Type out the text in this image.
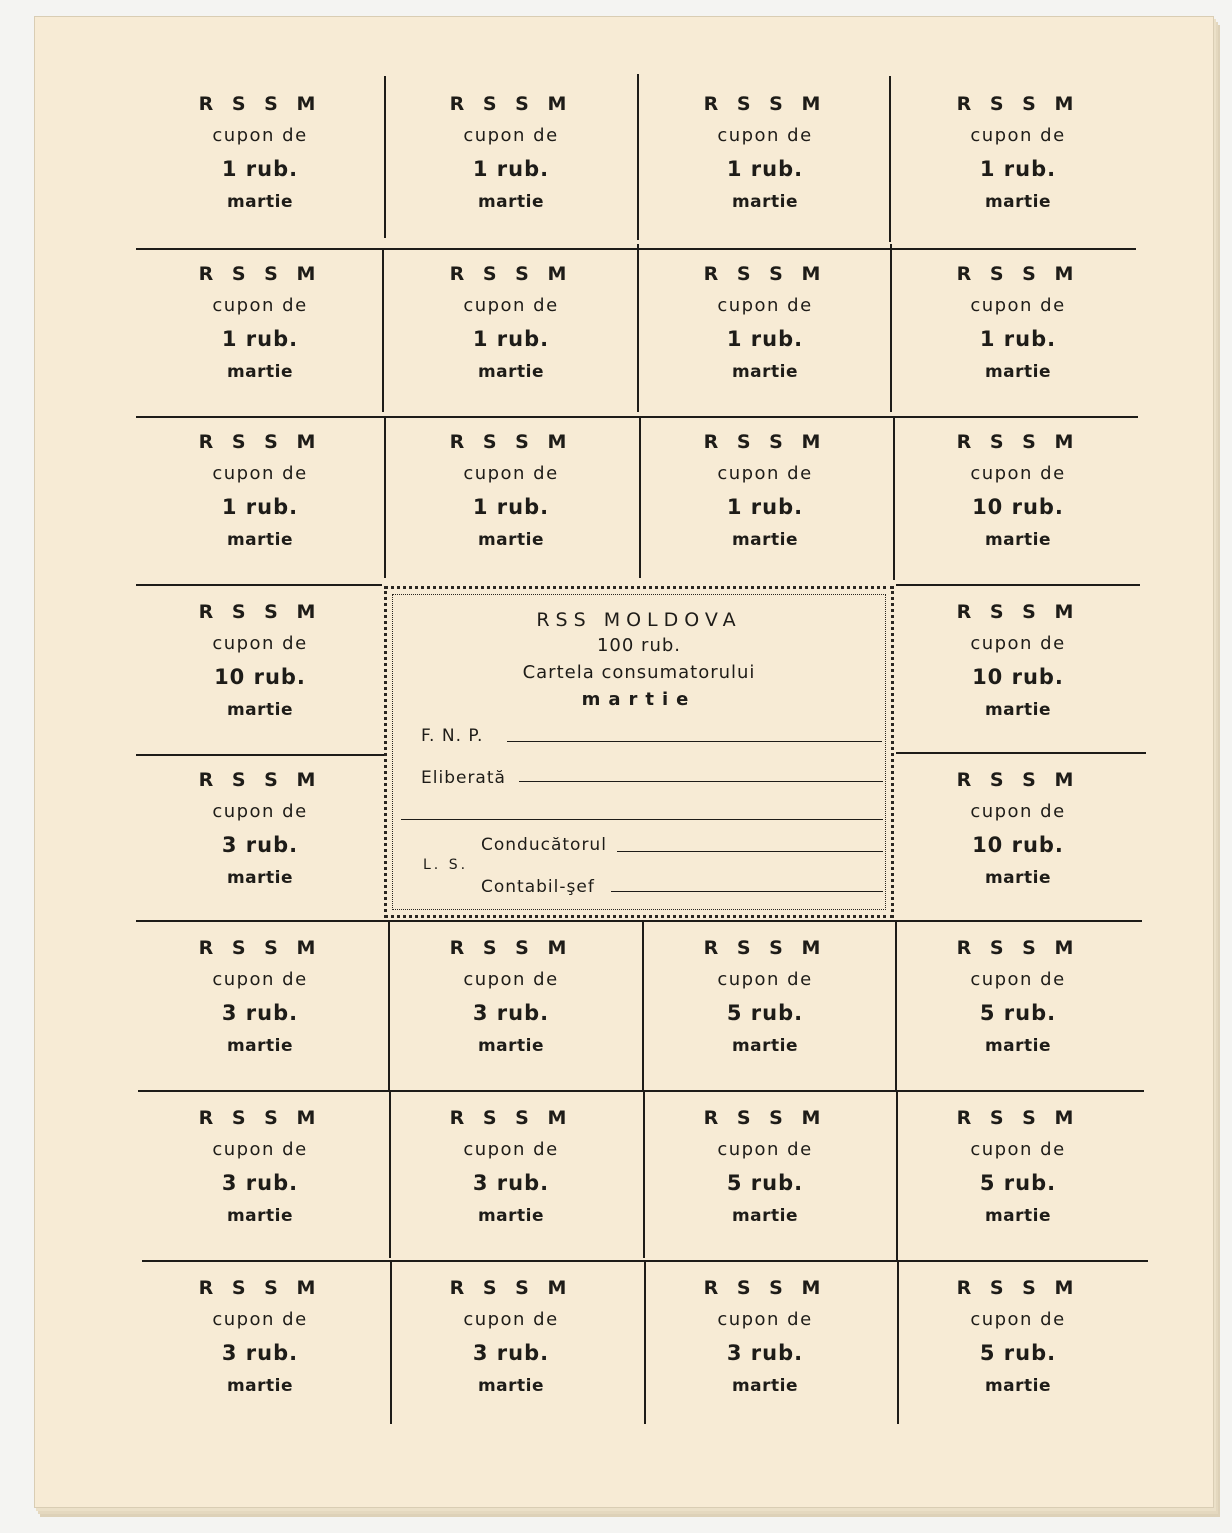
R S S M
cupon de
1 rub.
martie
R S S M
cupon de
1 rub.
martie
R S S M
cupon de
1 rub.
martie
R S S M
cupon de
1 rub.
martie
R S S M
cupon de
1 rub.
martie
R S S M
cupon de
1 rub.
martie
R S S M
cupon de
1 rub.
martie
R S S M
cupon de
1 rub.
martie
R S S M
cupon de
1 rub.
martie
R S S M
cupon de
1 rub.
martie
R S S M
cupon de
1 rub.
martie
R S S M
cupon de
10 rub.
martie
R S S M
cupon de
10 rub.
martie
R S S M
cupon de
10 rub.
martie
R S S M
cupon de
3 rub.
martie
R S S M
cupon de
10 rub.
martie
R S S M
cupon de
3 rub.
martie
R S S M
cupon de
3 rub.
martie
R S S M
cupon de
5 rub.
martie
R S S M
cupon de
5 rub.
martie
R S S M
cupon de
3 rub.
martie
R S S M
cupon de
3 rub.
martie
R S S M
cupon de
5 rub.
martie
R S S M
cupon de
5 rub.
martie
R S S M
cupon de
3 rub.
martie
R S S M
cupon de
3 rub.
martie
R S S M
cupon de
3 rub.
martie
R S S M
cupon de
5 rub.
martie
RSS MOLDOVA
100 rub.
Cartela consumatorului
martie
F. N. P.
Eliberată
Conducătorul
L. S.
Contabil-şef
